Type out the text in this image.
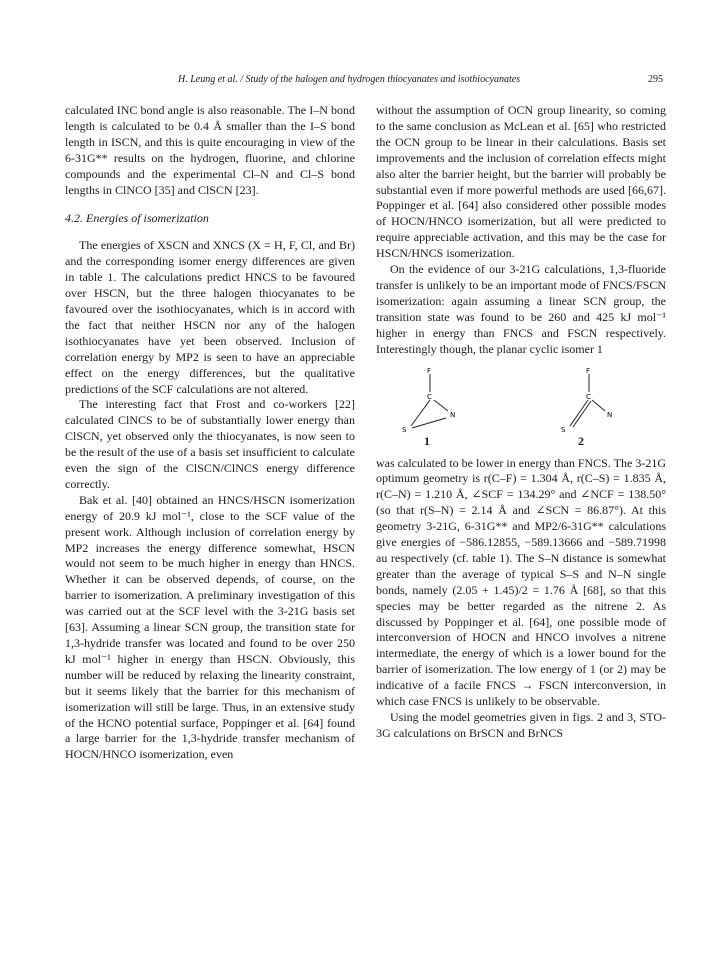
H. Leung et al. / Study of the halogen and hydrogen thiocyanates and isothiocyanates	295

calculated INC bond angle is also reasonable. The I–N bond length is calculated to be 0.4 Å smaller than the I–S bond length in ISCN, and this is quite encouraging in view of the 6-31G** results on the hydrogen, fluorine, and chlorine compounds and the experimental Cl–N and Cl–S bond lengths in ClNCO [35] and ClSCN [23].

4.2. Energies of isomerization

The energies of XSCN and XNCS (X = H, F, Cl, and Br) and the corresponding isomer energy differences are given in table 1. The calculations predict HNCS to be favoured over HSCN, but the three halogen thiocyanates to be favoured over the isothiocyanates, which is in accord with the fact that neither HSCN nor any of the halogen isothiocyanates have yet been observed. Inclusion of correlation energy by MP2 is seen to have an appreciable effect on the energy differences, but the qualitative predictions of the SCF calculations are not altered.

The interesting fact that Frost and co-workers [22] calculated ClNCS to be of substantially lower energy than ClSCN, yet observed only the thiocyanates, is now seen to be the result of the use of a basis set insufficient to calculate even the sign of the ClSCN/ClNCS energy difference correctly.

Bak et al. [40] obtained an HNCS/HSCN isomerization energy of 20.9 kJ mol⁻¹, close to the SCF value of the present work. Although inclusion of correlation energy by MP2 increases the energy difference somewhat, HSCN would not seem to be much higher in energy than HNCS. Whether it can be observed depends, of course, on the barrier to isomerization. A preliminary investigation of this was carried out at the SCF level with the 3-21G basis set [63]. Assuming a linear SCN group, the transition state for 1,3-hydride transfer was located and found to be over 250 kJ mol⁻¹ higher in energy than HSCN. Obviously, this number will be reduced by relaxing the linearity constraint, but it seems likely that the barrier for this mechanism of isomerization will still be large. Thus, in an extensive study of the HCNO potential surface, Poppinger et al. [64] found a large barrier for the 1,3-hydride transfer mechanism of HOCN/HNCO isomerization, even

without the assumption of OCN group linearity, so coming to the same conclusion as McLean et al. [65] who restricted the OCN group to be linear in their calculations. Basis set improvements and the inclusion of correlation effects might also alter the barrier height, but the barrier will probably be substantial even if more powerful methods are used [66,67]. Poppinger et al. [64] also considered other possible modes of HOCN/HNCO isomerization, but all were predicted to require appreciable activation, and this may be the case for HSCN/HNCS isomerization.

On the evidence of our 3-21G calculations, 1,3-fluoride transfer is unlikely to be an important mode of FNCS/FSCN isomerization: again assuming a linear SCN group, the transition state was found to be 260 and 425 kJ mol⁻¹ higher in energy than FNCS and FSCN respectively. Interestingly though, the planar cyclic isomer 1

F
C
N
S
F
C
N
S
1	2

was calculated to be lower in energy than FNCS. The 3-21G optimum geometry is r(C–F) = 1.304 Å, r(C–S) = 1.835 Å, r(C–N) = 1.210 Å, ∠SCF = 134.29° and ∠NCF = 138.50° (so that r(S–N) = 2.14 Å and ∠SCN = 86.87°). At this geometry 3-21G, 6-31G** and MP2/6-31G** calculations give energies of −586.12855, −589.13666 and −589.71998 au respectively (cf. table 1). The S–N distance is somewhat greater than the average of typical S–S and N–N single bonds, namely (2.05 + 1.45)/2 = 1.76 Å [68], so that this species may be better regarded as the nitrene 2. As discussed by Poppinger et al. [64], one possible mode of interconversion of HOCN and HNCO involves a nitrene intermediate, the energy of which is a lower bound for the barrier of isomerization. The low energy of 1 (or 2) may be indicative of a facile FNCS → FSCN interconversion, in which case FNCS is unlikely to be observable.

Using the model geometries given in figs. 2 and 3, STO-3G calculations on BrSCN and BrNCS
